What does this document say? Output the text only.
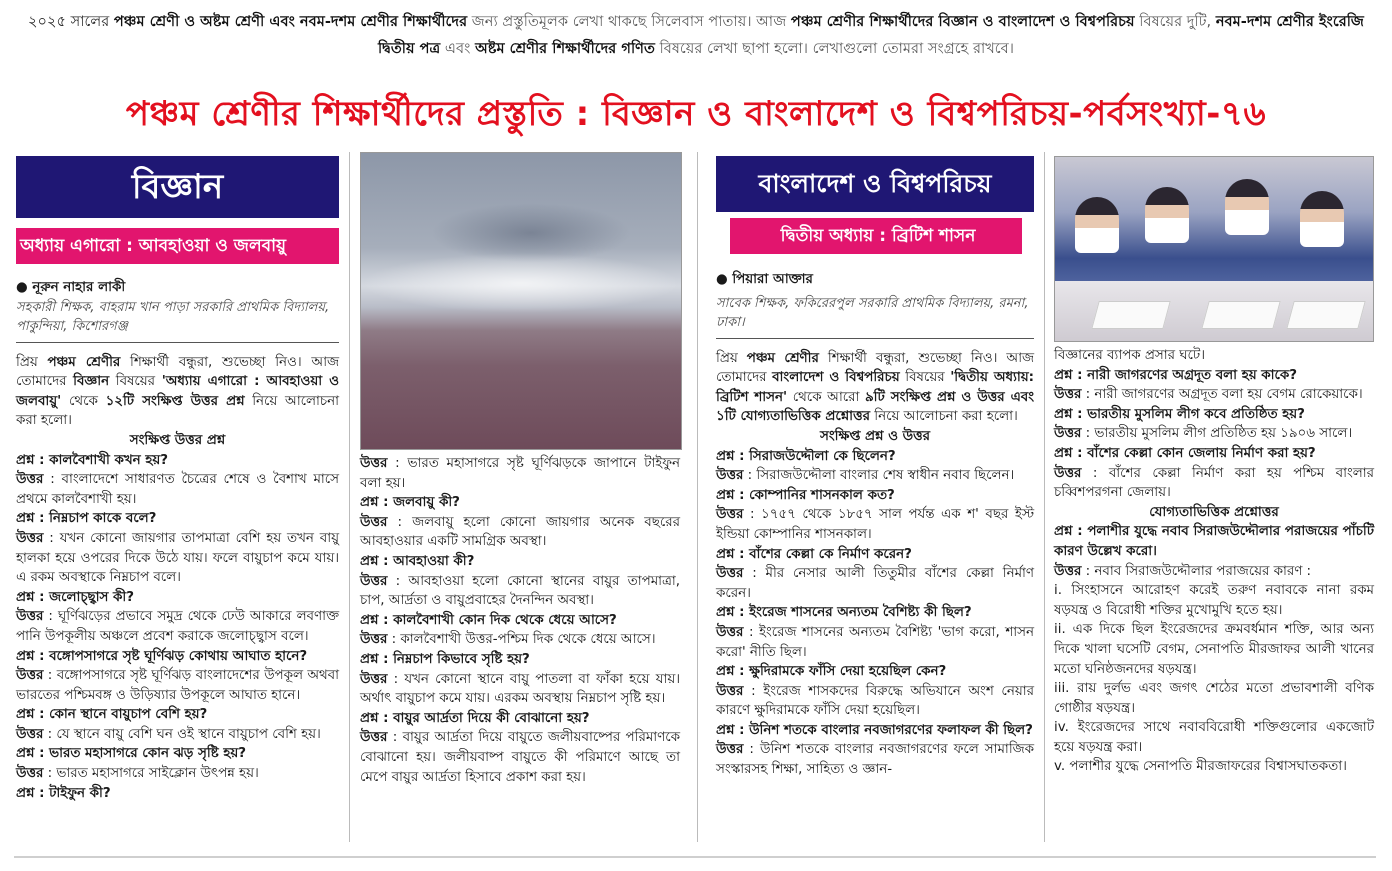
২০২৫ সালের পঞ্চম শ্রেণী ও অষ্টম শ্রেণী এবং নবম-দশম শ্রেণীর শিক্ষার্থীদের জন্য প্রস্তুতিমূলক লেখা থাকছে সিলেবাস পাতায়। আজ পঞ্চম শ্রেণীর শিক্ষার্থীদের বিজ্ঞান ও বাংলাদেশ ও বিশ্বপরিচয় বিষয়ের দুটি, নবম-দশম শ্রেণীর ইংরেজি দ্বিতীয় পত্র এবং অষ্টম শ্রেণীর শিক্ষার্থীদের গণিত বিষয়ের লেখা ছাপা হলো। লেখাগুলো তোমরা সংগ্রহে রাখবে।
পঞ্চম শ্রেণীর শিক্ষার্থীদের প্রস্তুতি : বিজ্ঞান ও বাংলাদেশ ও বিশ্বপরিচয়-পর্বসংখ্যা-৭৬
বিজ্ঞান
অধ্যায় এগারো : আবহাওয়া ও জলবায়ু
● নূরুন নাহার লাকী
সহকারী শিক্ষক, বাহরাম খান পাড়া সরকারি প্রাথমিক বিদ্যালয়, পাকুন্দিয়া, কিশোরগঞ্জ
প্রিয় পঞ্চম শ্রেণীর শিক্ষার্থী বন্ধুরা, শুভেচ্ছা নিও। আজ তোমাদের বিজ্ঞান বিষয়ের 'অধ্যায় এগারো : আবহাওয়া ও জলবায়ু' থেকে ১২টি সংক্ষিপ্ত উত্তর প্রশ্ন নিয়ে আলোচনা করা হলো।
সংক্ষিপ্ত উত্তর প্রশ্ন
প্রশ্ন : কালবৈশাখী কখন হয়?
উত্তর : বাংলাদেশে সাধারণত চৈত্রের শেষে ও বৈশাখ মাসে প্রথমে কালবৈশাখী হয়।
প্রশ্ন : নিম্নচাপ কাকে বলে?
উত্তর : যখন কোনো জায়গার তাপমাত্রা বেশি হয় তখন বায়ু হালকা হয়ে ওপরের দিকে উঠে যায়। ফলে বায়ুচাপ কমে যায়। এ রকম অবস্থাকে নিম্নচাপ বলে।
প্রশ্ন : জলোচ্ছ্বাস কী?
উত্তর : ঘূর্ণিঝড়ের প্রভাবে সমুদ্র থেকে ঢেউ আকারে লবণাক্ত পানি উপকূলীয় অঞ্চলে প্রবেশ করাকে জলোচ্ছ্বাস বলে।
প্রশ্ন : বঙ্গোপসাগরে সৃষ্ট ঘূর্ণিঝড় কোথায় আঘাত হানে?
উত্তর : বঙ্গোপসাগরে সৃষ্ট ঘূর্ণিঝড় বাংলাদেশের উপকূল অথবা ভারতের পশ্চিমবঙ্গ ও উড়িষ্যার উপকূলে আঘাত হানে।
প্রশ্ন : কোন স্থানে বায়ুচাপ বেশি হয়?
উত্তর : যে স্থানে বায়ু বেশি ঘন ওই স্থানে বায়ুচাপ বেশি হয়।
প্রশ্ন : ভারত মহাসাগরে কোন ঝড় সৃষ্টি হয়?
উত্তর : ভারত মহাসাগরে সাইক্লোন উৎপন্ন হয়।
প্রশ্ন : টাইফুন কী?
উত্তর : ভারত মহাসাগরে সৃষ্ট ঘূর্ণিঝড়কে জাপানে টাইফুন বলা হয়।
প্রশ্ন : জলবায়ু কী?
উত্তর : জলবায়ু হলো কোনো জায়গার অনেক বছরের আবহাওয়ার একটি সামগ্রিক অবস্থা।
প্রশ্ন : আবহাওয়া কী?
উত্তর : আবহাওয়া হলো কোনো স্থানের বায়ুর তাপমাত্রা, চাপ, আর্দ্রতা ও বায়ুপ্রবাহের দৈনন্দিন অবস্থা।
প্রশ্ন : কালবৈশাখী কোন দিক থেকে ধেয়ে আসে?
উত্তর : কালবৈশাখী উত্তর-পশ্চিম দিক থেকে ধেয়ে আসে।
প্রশ্ন : নিম্নচাপ কিভাবে সৃষ্টি হয়?
উত্তর : যখন কোনো স্থানে বায়ু পাতলা বা ফাঁকা হয়ে যায়। অর্থাৎ বায়ুচাপ কমে যায়। এরকম অবস্থায় নিম্নচাপ সৃষ্টি হয়।
প্রশ্ন : বায়ুর আর্দ্রতা দিয়ে কী বোঝানো হয়?
উত্তর : বায়ুর আর্দ্রতা দিয়ে বায়ুতে জলীয়বাষ্পের পরিমাণকে বোঝানো হয়। জলীয়বাষ্প বায়ুতে কী পরিমাণে আছে তা মেপে বায়ুর আর্দ্রতা হিসাবে প্রকাশ করা হয়।
বাংলাদেশ ও বিশ্বপরিচয়
দ্বিতীয় অধ্যায় : ব্রিটিশ শাসন
● পিয়ারা আক্তার
সাবেক শিক্ষক, ফকিরেরপুল সরকারি প্রাথমিক বিদ্যালয়, রমনা, ঢাকা।
প্রিয় পঞ্চম শ্রেণীর শিক্ষার্থী বন্ধুরা, শুভেচ্ছা নিও। আজ তোমাদের বাংলাদেশ ও বিশ্বপরিচয় বিষয়ের 'দ্বিতীয় অধ্যায়: ব্রিটিশ শাসন' থেকে আরো ৯টি সংক্ষিপ্ত প্রশ্ন ও উত্তর এবং ১টি যোগ্যতাভিত্তিক প্রশ্নোত্তর নিয়ে আলোচনা করা হলো।
সংক্ষিপ্ত প্রশ্ন ও উত্তর
প্রশ্ন : সিরাজউদ্দৌলা কে ছিলেন?
উত্তর : সিরাজউদ্দৌলা বাংলার শেষ স্বাধীন নবাব ছিলেন।
প্রশ্ন : কোম্পানির শাসনকাল কত?
উত্তর : ১৭৫৭ থেকে ১৮৫৭ সাল পর্যন্ত এক শ' বছর ইস্ট ইন্ডিয়া কোম্পানির শাসনকাল।
প্রশ্ন : বাঁশের কেল্লা কে নির্মাণ করেন?
উত্তর : মীর নেসার আলী তিতুমীর বাঁশের কেল্লা নির্মাণ করেন।
প্রশ্ন : ইংরেজ শাসনের অন্যতম বৈশিষ্ট্য কী ছিল?
উত্তর : ইংরেজ শাসনের অন্যতম বৈশিষ্ট্য 'ভাগ করো, শাসন করো' নীতি ছিল।
প্রশ্ন : ক্ষুদিরামকে ফাঁসি দেয়া হয়েছিল কেন?
উত্তর : ইংরেজ শাসকদের বিরুদ্ধে অভিযানে অংশ নেয়ার কারণে ক্ষুদিরামকে ফাঁসি দেয়া হয়েছিল।
প্রশ্ন : উনিশ শতকে বাংলার নবজাগরণের ফলাফল কী ছিল?
উত্তর : উনিশ শতকে বাংলার নবজাগরণের ফলে সামাজিক সংস্কারসহ শিক্ষা, সাহিত্য ও জ্ঞান-
বিজ্ঞানের ব্যাপক প্রসার ঘটে।
প্রশ্ন : নারী জাগরণের অগ্রদূত বলা হয় কাকে?
উত্তর : নারী জাগরণের অগ্রদূত বলা হয় বেগম রোকেয়াকে।
প্রশ্ন : ভারতীয় মুসলিম লীগ কবে প্রতিষ্ঠিত হয়?
উত্তর : ভারতীয় মুসলিম লীগ প্রতিষ্ঠিত হয় ১৯০৬ সালে।
প্রশ্ন : বাঁশের কেল্লা কোন জেলায় নির্মাণ করা হয়?
উত্তর : বাঁশের কেল্লা নির্মাণ করা হয় পশ্চিম বাংলার চব্বিশপরগনা জেলায়।
যোগ্যতাভিত্তিক প্রশ্নোত্তর
প্রশ্ন : পলাশীর যুদ্ধে নবাব সিরাজউদ্দৌলার পরাজয়ের পাঁচটি কারণ উল্লেখ করো।
উত্তর : নবাব সিরাজউদ্দৌলার পরাজয়ের কারণ :
i. সিংহাসনে আরোহণ করেই তরুণ নবাবকে নানা রকম ষড়যন্ত্র ও বিরোধী শক্তির মুখোমুখি হতে হয়।
ii. এক দিকে ছিল ইংরেজদের ক্রমবর্ধমান শক্তি, আর অন্য দিকে খালা ঘসেটি বেগম, সেনাপতি মীরজাফর আলী খানের মতো ঘনিষ্ঠজনদের ষড়যন্ত্র।
iii. রায় দুর্লভ এবং জগৎ শেঠের মতো প্রভাবশালী বণিক গোষ্ঠীর ষড়যন্ত্র।
iv. ইংরেজদের সাথে নবাববিরোধী শক্তিগুলোর একজোট হয়ে ষড়যন্ত্র করা।
v. পলাশীর যুদ্ধে সেনাপতি মীরজাফরের বিশ্বাসঘাতকতা।
